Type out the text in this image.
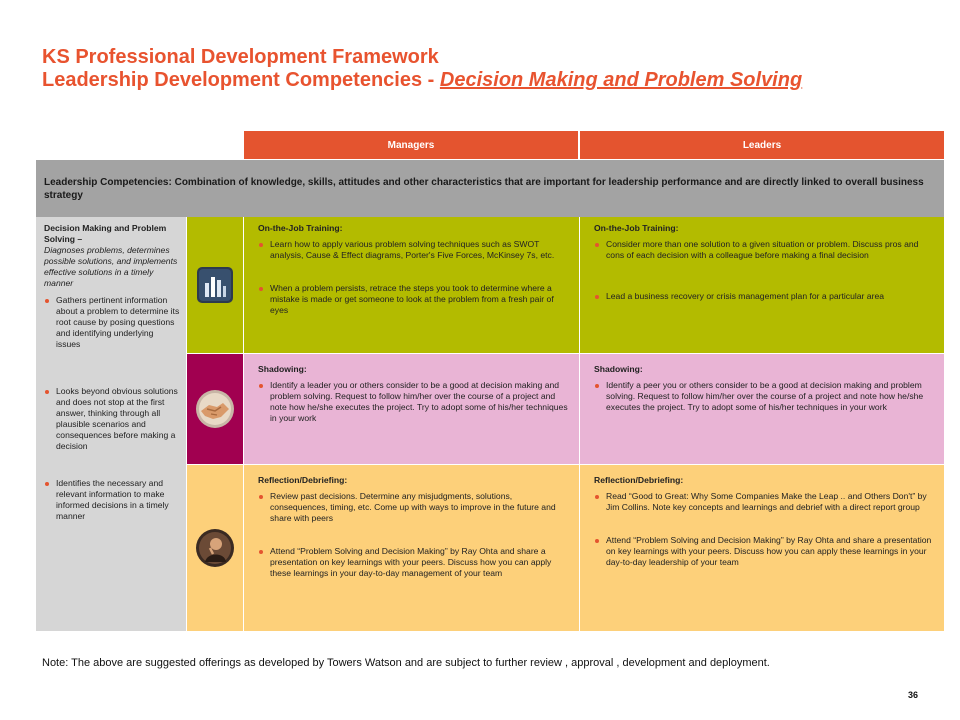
KS Professional Development Framework
Leadership Development Competencies - Decision Making and Problem Solving
Managers	Leaders
Leadership Competencies: Combination of knowledge, skills, attitudes and other characteristics that are important for leadership performance and are directly linked to overall business strategy
Decision Making and Problem Solving –
Diagnoses problems, determines possible solutions, and implements effective solutions in a timely manner
Gathers pertinent information about a problem to determine its root cause by posing questions and identifying underlying issues
Looks beyond obvious solutions and does not stop at the first answer, thinking through all plausible scenarios and consequences before making a decision
Identifies the necessary and relevant information to make informed decisions in a timely manner
On-the-Job Training:
Learn how to apply various problem solving techniques such as SWOT analysis, Cause & Effect diagrams, Porter's Five Forces, McKinsey 7s, etc.
When a problem persists, retrace the steps you took to determine where a mistake is made or get someone to look at the problem from a fresh pair of eyes
On-the-Job Training:
Consider more than one solution to a given situation or problem. Discuss pros and cons of each decision with a colleague before making a final decision
Lead a business recovery or crisis management plan for a particular area
Shadowing:
Identify a leader you or others consider to be a good at decision making and problem solving. Request to follow him/her over the course of a project and note how he/she executes the project. Try to adopt some of his/her techniques in your work
Shadowing:
Identify a peer you or others consider to be a good at decision making and problem solving. Request to follow him/her over the course of a project and note how he/she executes the project. Try to adopt some of his/her techniques in your work
Reflection/Debriefing:
Review past decisions. Determine any misjudgments, solutions, consequences, timing, etc. Come up with ways to improve in the future and share with peers
Attend “Problem Solving and Decision Making” by Ray Ohta and share a presentation on key learnings with your peers. Discuss how you can apply these learnings in your day-to-day management of your team
Reflection/Debriefing:
Read “Good to Great: Why Some Companies Make the Leap .. and Others Don't” by Jim Collins. Note key concepts and learnings and debrief with a direct report group
Attend “Problem Solving and Decision Making” by Ray Ohta and share a presentation on key learnings with your peers. Discuss how you can apply these learnings in your day-to-day leadership of your team
Note: The above are suggested offerings as developed by Towers Watson and are subject to further review , approval , development and deployment.
36
